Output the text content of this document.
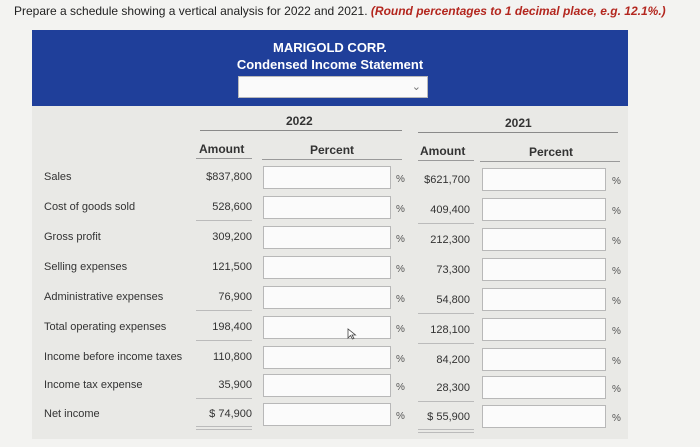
Prepare a schedule showing a vertical analysis for 2022 and 2021. (Round percentages to 1 decimal place, e.g. 12.1%.)
MARIGOLD CORP.
Condensed Income Statement
⌄
2022	2021
Amount	Percent	Amount	Percent
Sales	$837,800	%	$621,700	%
Cost of goods sold	528,600	%	409,400	%
Gross profit	309,200	%	212,300	%
Selling expenses	121,500	%	73,300	%
Administrative expenses	76,900	%	54,800	%
Total operating expenses	198,400	%	128,100	%
Income before income taxes	110,800	%	84,200	%
Income tax expense	35,900	%	28,300	%
Net income	$ 74,900	%	$ 55,900	%
